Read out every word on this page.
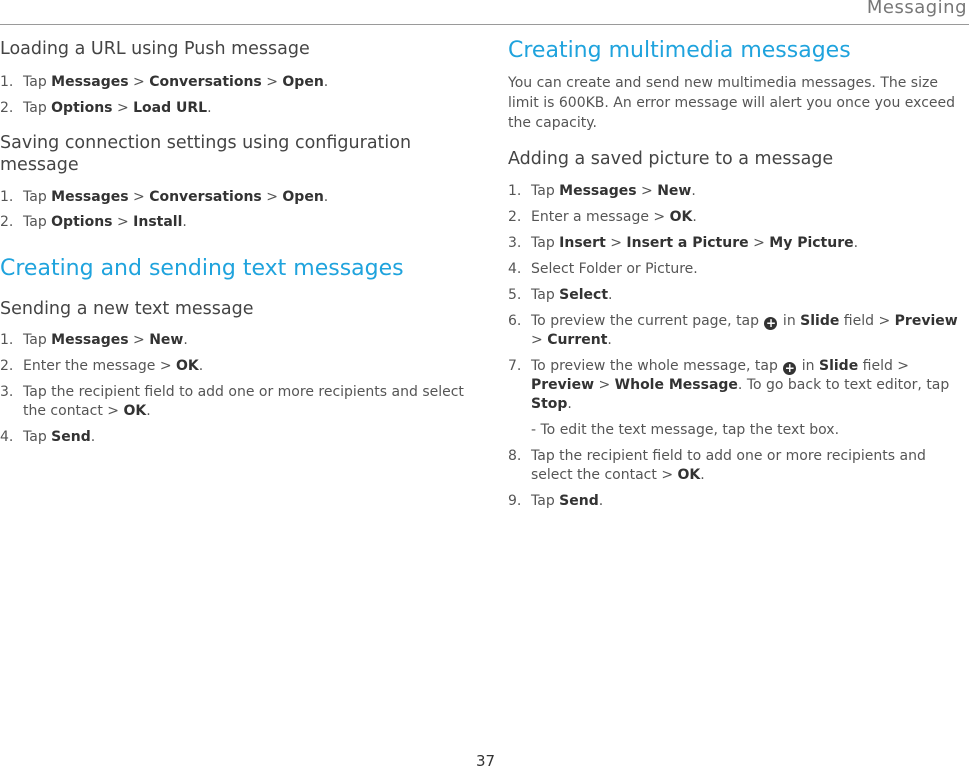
Messaging
Loading a URL using Push message
1. Tap Messages > Conversations > Open.
2. Tap Options > Load URL.
Saving connection settings using configuration message
1. Tap Messages > Conversations > Open.
2. Tap Options > Install.
Creating and sending text messages
Sending a new text message
1. Tap Messages > New.
2. Enter the message > OK.
3. Tap the recipient field to add one or more recipients and select the contact > OK.
4. Tap Send.
Creating multimedia messages

You can create and send new multimedia messages. The size limit is 600KB. An error message will alert you once you exceed the capacity.

Adding a saved picture to a message
1. Tap Messages > New.
2. Enter a message > OK.
3. Tap Insert > Insert a Picture > My Picture.
4. Select Folder or Picture.
5. Tap Select.
6. To preview the current page, tap + in Slide field > Preview > Current.
7. To preview the whole message, tap + in Slide field > Preview > Whole Message. To go back to text editor, tap Stop.
- To edit the text message, tap the text box.
8. Tap the recipient field to add one or more recipients and select the contact > OK.
9. Tap Send.
37
